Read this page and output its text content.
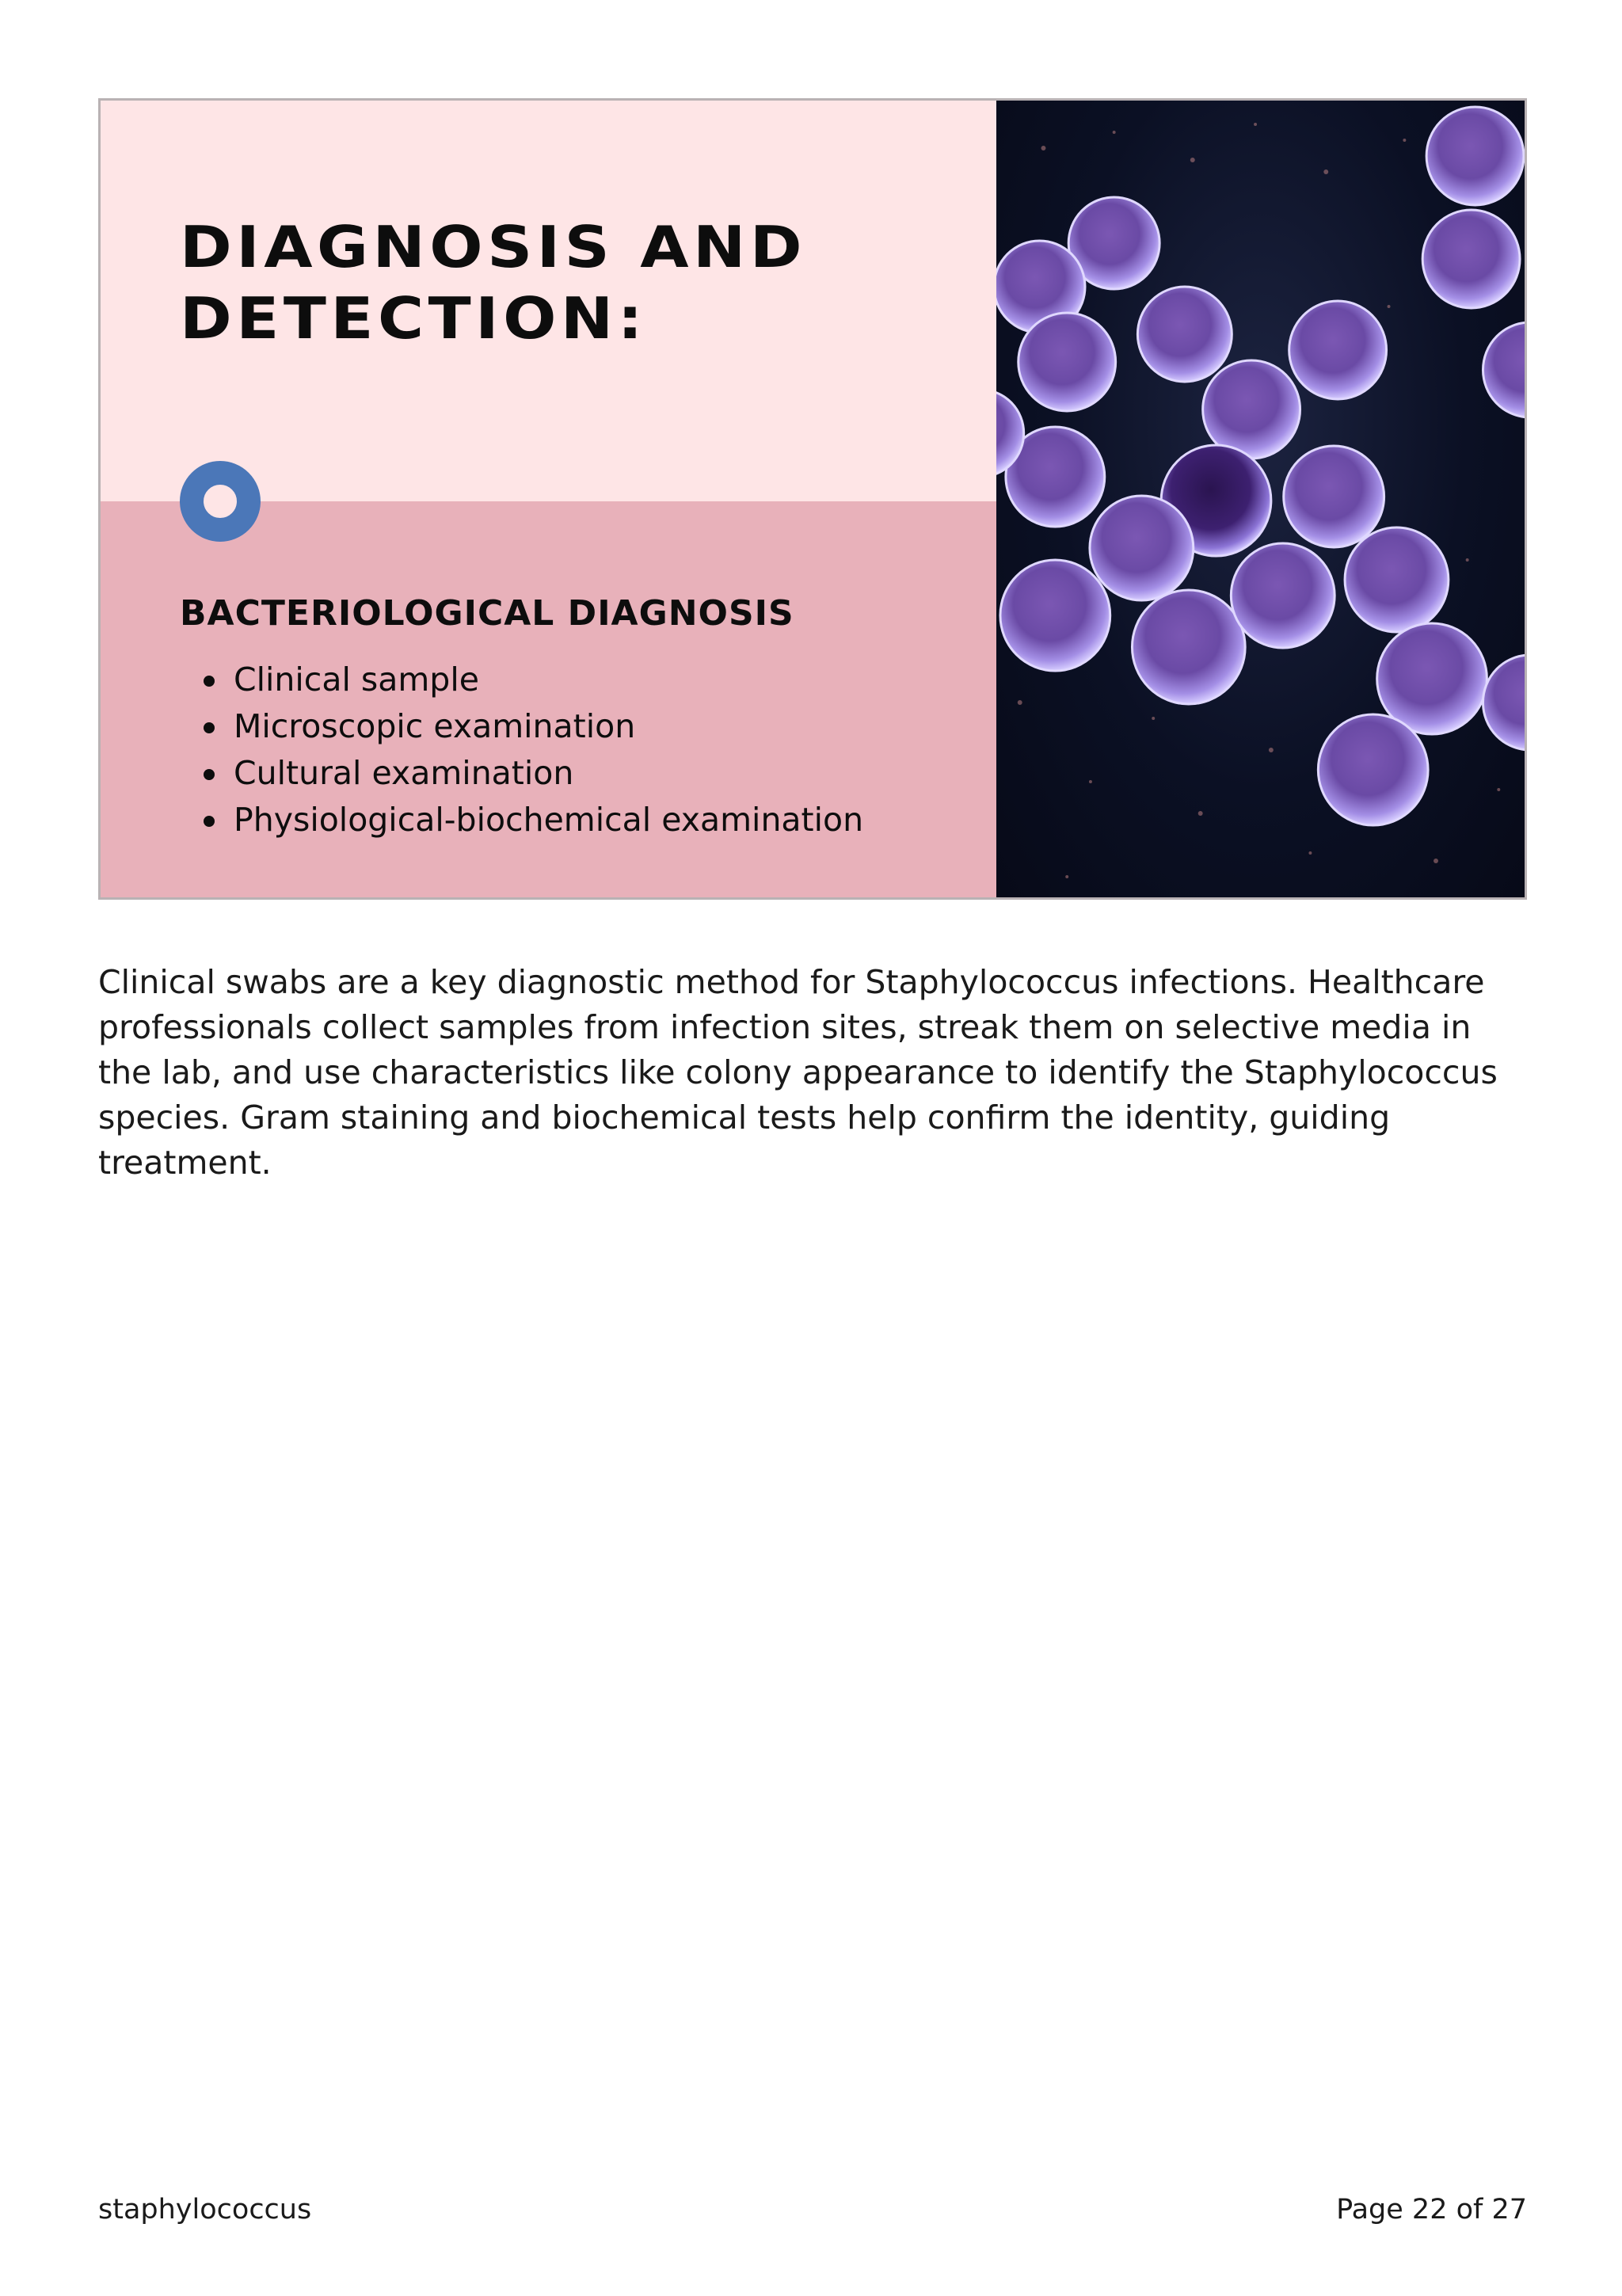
DIAGNOSIS AND DETECTION:
BACTERIOLOGICAL DIAGNOSIS
Clinical sample
Microscopic examination
Cultural examination
Physiological-biochemical examination

Clinical swabs are a key diagnostic method for Staphylococcus infections. Healthcare professionals collect samples from infection sites, streak them on selective media in the lab, and use characteristics like colony appearance to identify the Staphylococcus species. Gram staining and biochemical tests help confirm the identity, guiding treatment.

staphylococcus	Page 22 of 27
